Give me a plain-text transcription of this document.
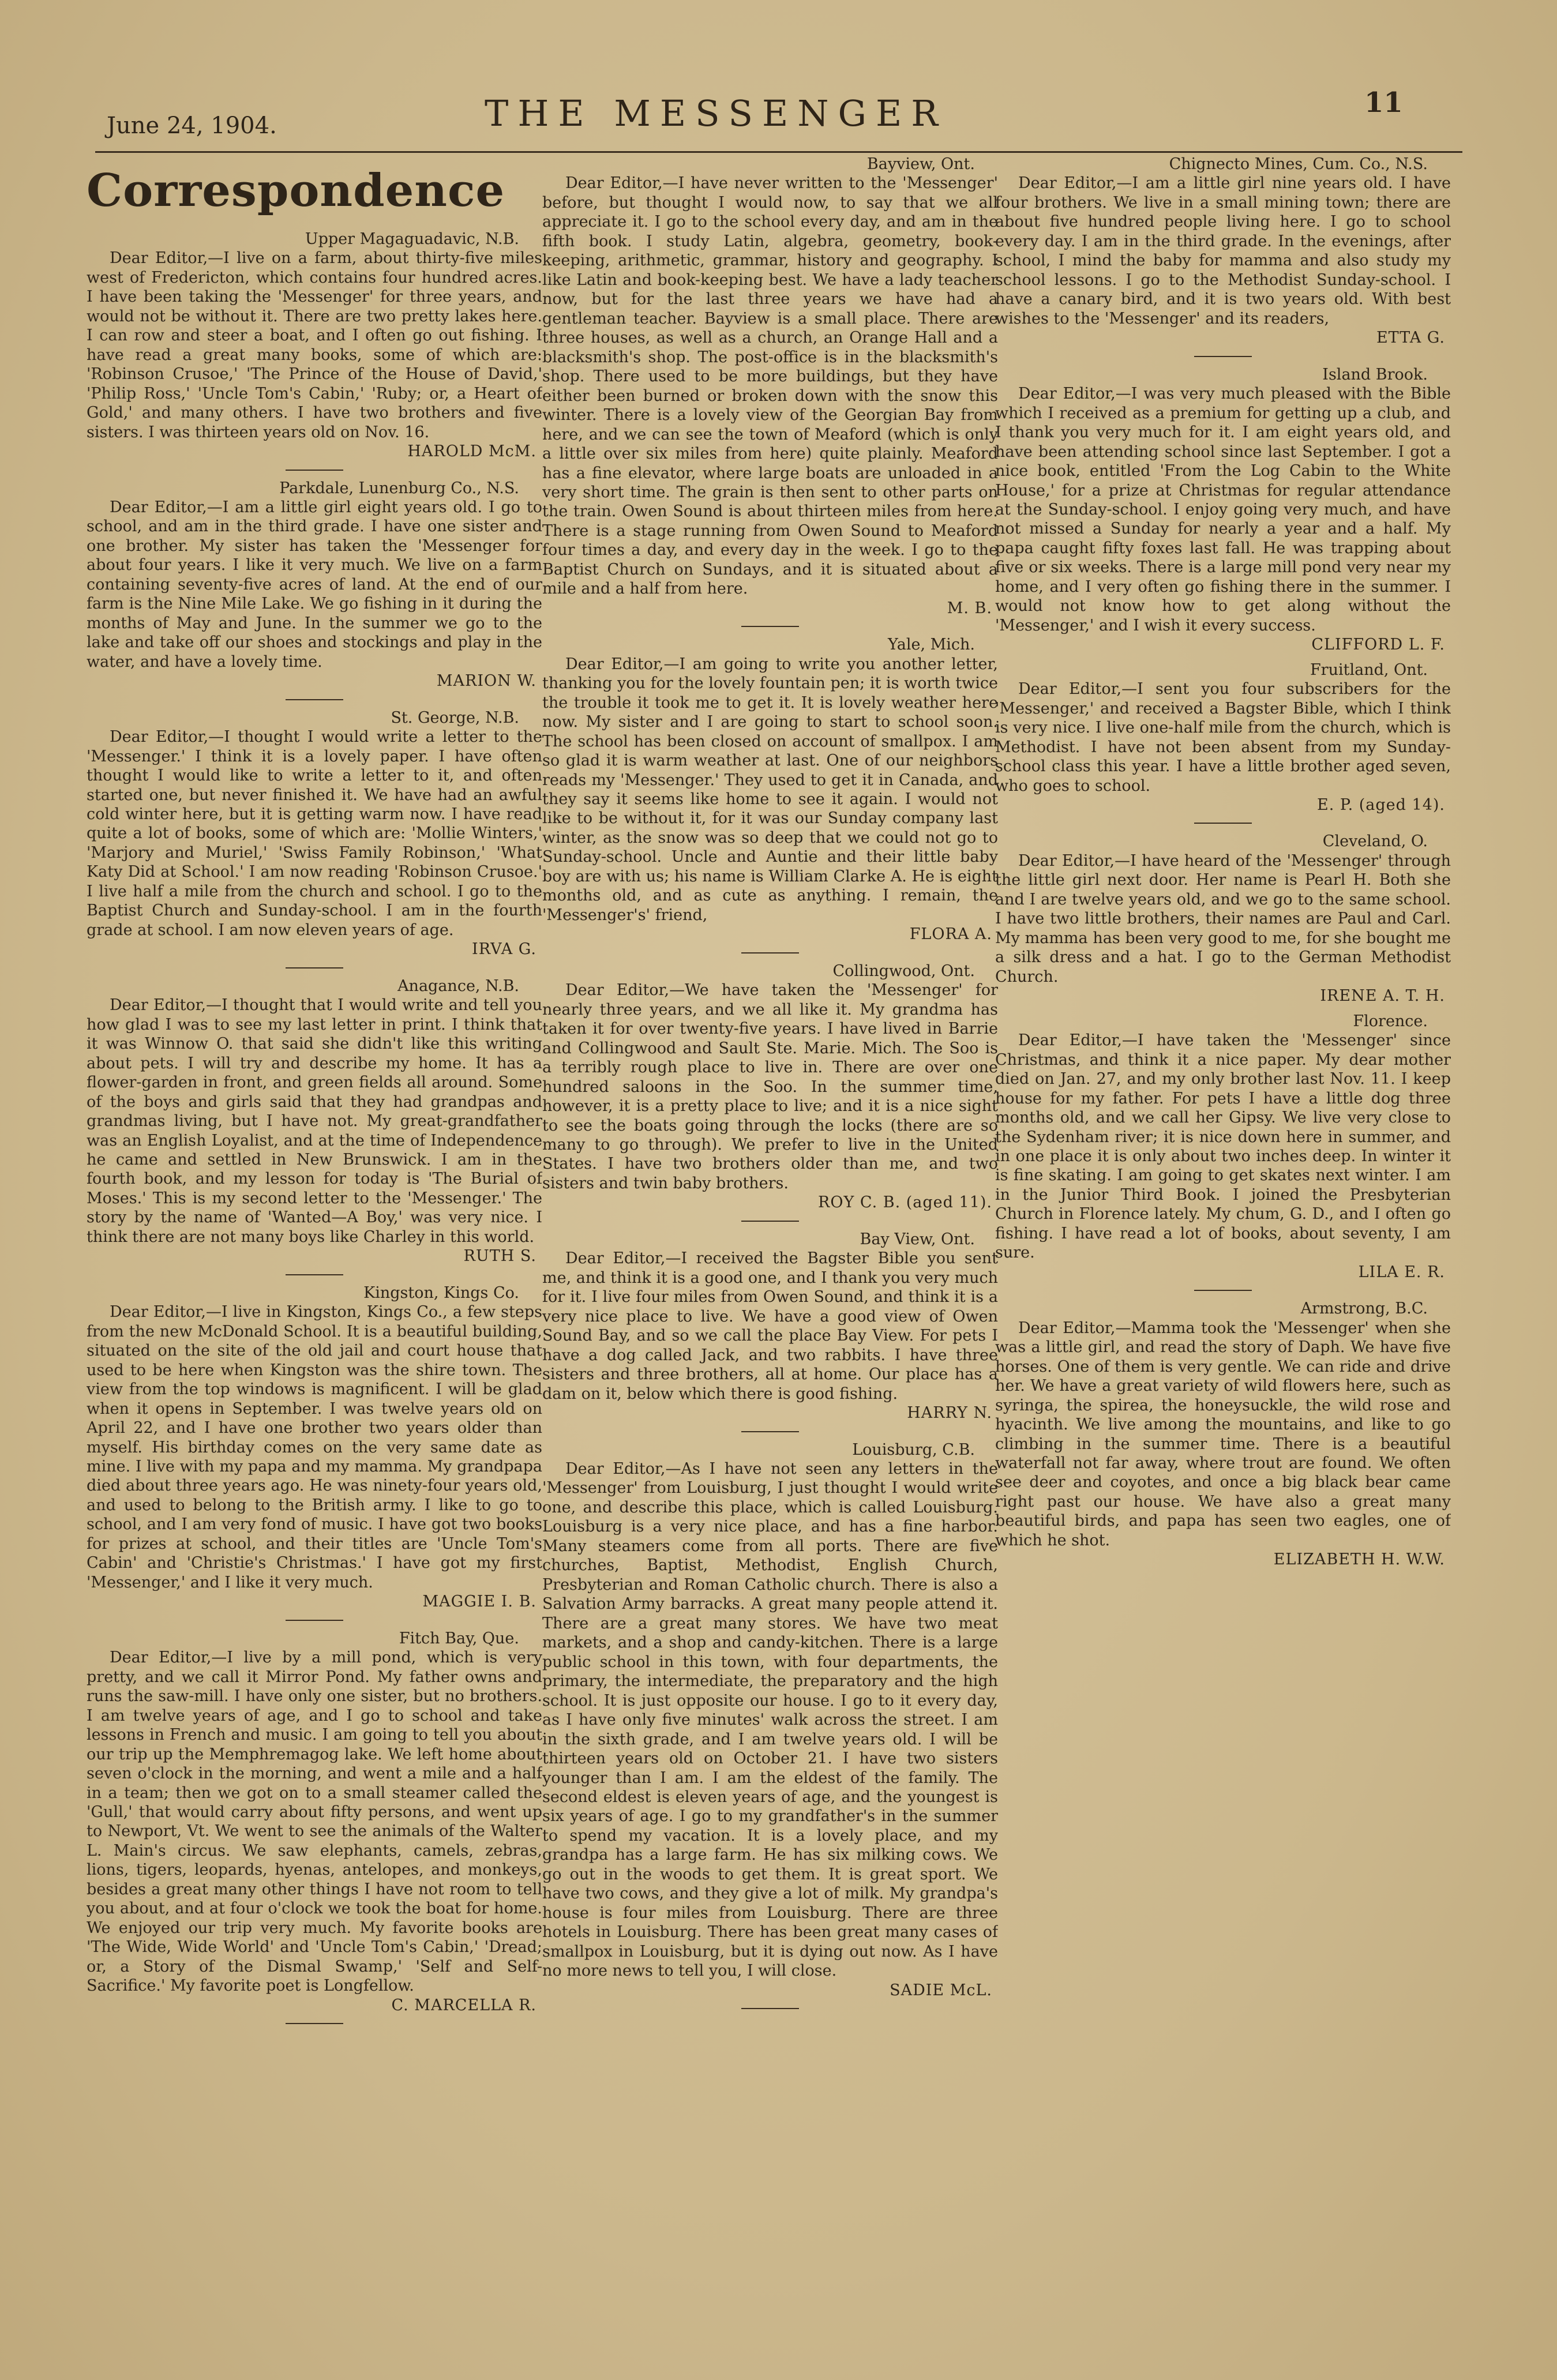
June 24, 1904.	THE MESSENGER	11
Correspondence

Upper Magaguadavic, N.B.

Dear Editor,—I live on a farm, about thirty-five miles west of Fredericton, which contains four hundred acres. I have been taking the 'Messenger' for three years, and would not be without it. There are two pretty lakes here. I can row and steer a boat, and I often go out fishing. I have read a great many books, some of which are: 'Robinson Crusoe,' 'The Prince of the House of David,' 'Philip Ross,' 'Uncle Tom's Cabin,' 'Ruby; or, a Heart of Gold,' and many others. I have two brothers and five sisters. I was thirteen years old on Nov. 16.

HAROLD McM.

Parkdale, Lunenburg Co., N.S.

Dear Editor,—I am a little girl eight years old. I go to school, and am in the third grade. I have one sister and one brother. My sister has taken the 'Messenger for about four years. I like it very much. We live on a farm containing seventy-five acres of land. At the end of our farm is the Nine Mile Lake. We go fishing in it during the months of May and June. In the summer we go to the lake and take off our shoes and stockings and play in the water, and have a lovely time.

MARION W.

St. George, N.B.

Dear Editor,—I thought I would write a letter to the 'Messenger.' I think it is a lovely paper. I have often thought I would like to write a letter to it, and often started one, but never finished it. We have had an awful cold winter here, but it is getting warm now. I have read quite a lot of books, some of which are: 'Mollie Winters,' 'Marjory and Muriel,' 'Swiss Family Robinson,' 'What Katy Did at School.' I am now reading 'Robinson Crusoe.' I live half a mile from the church and school. I go to the Baptist Church and Sunday-school. I am in the fourth grade at school. I am now eleven years of age.

IRVA G.

Anagance, N.B.

Dear Editor,—I thought that I would write and tell you how glad I was to see my last letter in print. I think that it was Winnow O. that said she didn't like this writing about pets. I will try and describe my home. It has a flower-garden in front, and green fields all around. Some of the boys and girls said that they had grandpas and grandmas living, but I have not. My great-grandfather was an English Loyalist, and at the time of Independence he came and settled in New Brunswick. I am in the fourth book, and my lesson for today is 'The Burial of Moses.' This is my second letter to the 'Messenger.' The story by the name of 'Wanted—A Boy,' was very nice. I think there are not many boys like Charley in this world.

RUTH S.

Kingston, Kings Co.

Dear Editor,—I live in Kingston, Kings Co., a few steps from the new McDonald School. It is a beautiful building, situated on the site of the old jail and court house that used to be here when Kingston was the shire town. The view from the top windows is magnificent. I will be glad when it opens in September. I was twelve years old on April 22, and I have one brother two years older than myself. His birthday comes on the very same date as mine. I live with my papa and my mamma. My grandpapa died about three years ago. He was ninety-four years old, and used to belong to the British army. I like to go to school, and I am very fond of music. I have got two books for prizes at school, and their titles are 'Uncle Tom's Cabin' and 'Christie's Christmas.' I have got my first 'Messenger,' and I like it very much.

MAGGIE I. B.

Fitch Bay, Que.

Dear Editor,—I live by a mill pond, which is very pretty, and we call it Mirror Pond. My father owns and runs the saw-mill. I have only one sister, but no brothers. I am twelve years of age, and I go to school and take lessons in French and music. I am going to tell you about our trip up the Memphremagog lake. We left home about seven o'clock in the morning, and went a mile and a half in a team; then we got on to a small steamer called the 'Gull,' that would carry about fifty persons, and went up to Newport, Vt. We went to see the animals of the Walter L. Main's circus. We saw elephants, camels, zebras, lions, tigers, leopards, hyenas, antelopes, and monkeys, besides a great many other things I have not room to tell you about, and at four o'clock we took the boat for home. We enjoyed our trip very much. My favorite books are 'The Wide, Wide World' and 'Uncle Tom's Cabin,' 'Dread; or, a Story of the Dismal Swamp,' 'Self and Self-Sacrifice.' My favorite poet is Longfellow.

C. MARCELLA R.

Bayview, Ont.

Dear Editor,—I have never written to the 'Messenger' before, but thought I would now, to say that we all appreciate it. I go to the school every day, and am in the fifth book. I study Latin, algebra, geometry, book-keeping, arithmetic, grammar, history and geography. I like Latin and book-keeping best. We have a lady teacher now, but for the last three years we have had a gentleman teacher. Bayview is a small place. There are three houses, as well as a church, an Orange Hall and a blacksmith's shop. The post-office is in the blacksmith's shop. There used to be more buildings, but they have either been burned or broken down with the snow this winter. There is a lovely view of the Georgian Bay from here, and we can see the town of Meaford (which is only a little over six miles from here) quite plainly. Meaford has a fine elevator, where large boats are unloaded in a very short time. The grain is then sent to other parts on the train. Owen Sound is about thirteen miles from here. There is a stage running from Owen Sound to Meaford four times a day, and every day in the week. I go to the Baptist Church on Sundays, and it is situated about a mile and a half from here.

M. B.

Yale, Mich.

Dear Editor,—I am going to write you another letter, thanking you for the lovely fountain pen; it is worth twice the trouble it took me to get it. It is lovely weather here now. My sister and I are going to start to school soon. The school has been closed on account of smallpox. I am so glad it is warm weather at last. One of our neighbors reads my 'Messenger.' They used to get it in Canada, and they say it seems like home to see it again. I would not like to be without it, for it was our Sunday company last winter, as the snow was so deep that we could not go to Sunday-school. Uncle and Auntie and their little baby boy are with us; his name is William Clarke A. He is eight months old, and as cute as anything. I remain, the 'Messenger's' friend,

FLORA A.

Collingwood, Ont.

Dear Editor,—We have taken the 'Messenger' for nearly three years, and we all like it. My grandma has taken it for over twenty-five years. I have lived in Barrie and Collingwood and Sault Ste. Marie. Mich. The Soo is a terribly rough place to live in. There are over one hundred saloons in the Soo. In the summer time, however, it is a pretty place to live; and it is a nice sight to see the boats going through the locks (there are so many to go through). We prefer to live in the United States. I have two brothers older than me, and two sisters and twin baby brothers.

ROY C. B. (aged 11).

Bay View, Ont.

Dear Editor,—I received the Bagster Bible you sent me, and think it is a good one, and I thank you very much for it. I live four miles from Owen Sound, and think it is a very nice place to live. We have a good view of Owen Sound Bay, and so we call the place Bay View. For pets I have a dog called Jack, and two rabbits. I have three sisters and three brothers, all at home. Our place has a dam on it, below which there is good fishing.

HARRY N.

Louisburg, C.B.

Dear Editor,—As I have not seen any letters in the 'Messenger' from Louisburg, I just thought I would write one, and describe this place, which is called Louisburg. Louisburg is a very nice place, and has a fine harbor. Many steamers come from all ports. There are five churches, Baptist, Methodist, English Church, Presbyterian and Roman Catholic church. There is also a Salvation Army barracks. A great many people attend it. There are a great many stores. We have two meat markets, and a shop and candy-kitchen. There is a large public school in this town, with four departments, the primary, the intermediate, the preparatory and the high school. It is just opposite our house. I go to it every day, as I have only five minutes' walk across the street. I am in the sixth grade, and I am twelve years old. I will be thirteen years old on October 21. I have two sisters younger than I am. I am the eldest of the family. The second eldest is eleven years of age, and the youngest is six years of age. I go to my grandfather's in the summer to spend my vacation. It is a lovely place, and my grandpa has a large farm. He has six milking cows. We go out in the woods to get them. It is great sport. We have two cows, and they give a lot of milk. My grandpa's house is four miles from Louisburg. There are three hotels in Louisburg. There has been great many cases of smallpox in Louisburg, but it is dying out now. As I have no more news to tell you, I will close.

SADIE McL.

Chignecto Mines, Cum. Co., N.S.

Dear Editor,—I am a little girl nine years old. I have four brothers. We live in a small mining town; there are about five hundred people living here. I go to school every day. I am in the third grade. In the evenings, after school, I mind the baby for mamma and also study my school lessons. I go to the Methodist Sunday-school. I have a canary bird, and it is two years old. With best wishes to the 'Messenger' and its readers,

ETTA G.

Island Brook.

Dear Editor,—I was very much pleased with the Bible which I received as a premium for getting up a club, and I thank you very much for it. I am eight years old, and have been attending school since last September. I got a nice book, entitled 'From the Log Cabin to the White House,' for a prize at Christmas for regular attendance at the Sunday-school. I enjoy going very much, and have not missed a Sunday for nearly a year and a half. My papa caught fifty foxes last fall. He was trapping about five or six weeks. There is a large mill pond very near my home, and I very often go fishing there in the summer. I would not know how to get along without the 'Messenger,' and I wish it every success.

CLIFFORD L. F.

Fruitland, Ont.

Dear Editor,—I sent you four subscribers for the 'Messenger,' and received a Bagster Bible, which I think is very nice. I live one-half mile from the church, which is Methodist. I have not been absent from my Sunday-school class this year. I have a little brother aged seven, who goes to school.

E. P. (aged 14).

Cleveland, O.

Dear Editor,—I have heard of the 'Messenger' through the little girl next door. Her name is Pearl H. Both she and I are twelve years old, and we go to the same school. I have two little brothers, their names are Paul and Carl. My mamma has been very good to me, for she bought me a silk dress and a hat. I go to the German Methodist Church.

IRENE A. T. H.

Florence.

Dear Editor,—I have taken the 'Messenger' since Christmas, and think it a nice paper. My dear mother died on Jan. 27, and my only brother last Nov. 11. I keep house for my father. For pets I have a little dog three months old, and we call her Gipsy. We live very close to the Sydenham river; it is nice down here in summer, and in one place it is only about two inches deep. In winter it is fine skating. I am going to get skates next winter. I am in the Junior Third Book. I joined the Presbyterian Church in Florence lately. My chum, G. D., and I often go fishing. I have read a lot of books, about seventy, I am sure.

LILA E. R.

Armstrong, B.C.

Dear Editor,—Mamma took the 'Messenger' when she was a little girl, and read the story of Daph. We have five horses. One of them is very gentle. We can ride and drive her. We have a great variety of wild flowers here, such as syringa, the spirea, the honeysuckle, the wild rose and hyacinth. We live among the mountains, and like to go climbing in the summer time. There is a beautiful waterfall not far away, where trout are found. We often see deer and coyotes, and once a big black bear came right past our house. We have also a great many beautiful birds, and papa has seen two eagles, one of which he shot.

ELIZABETH H. W.W.
